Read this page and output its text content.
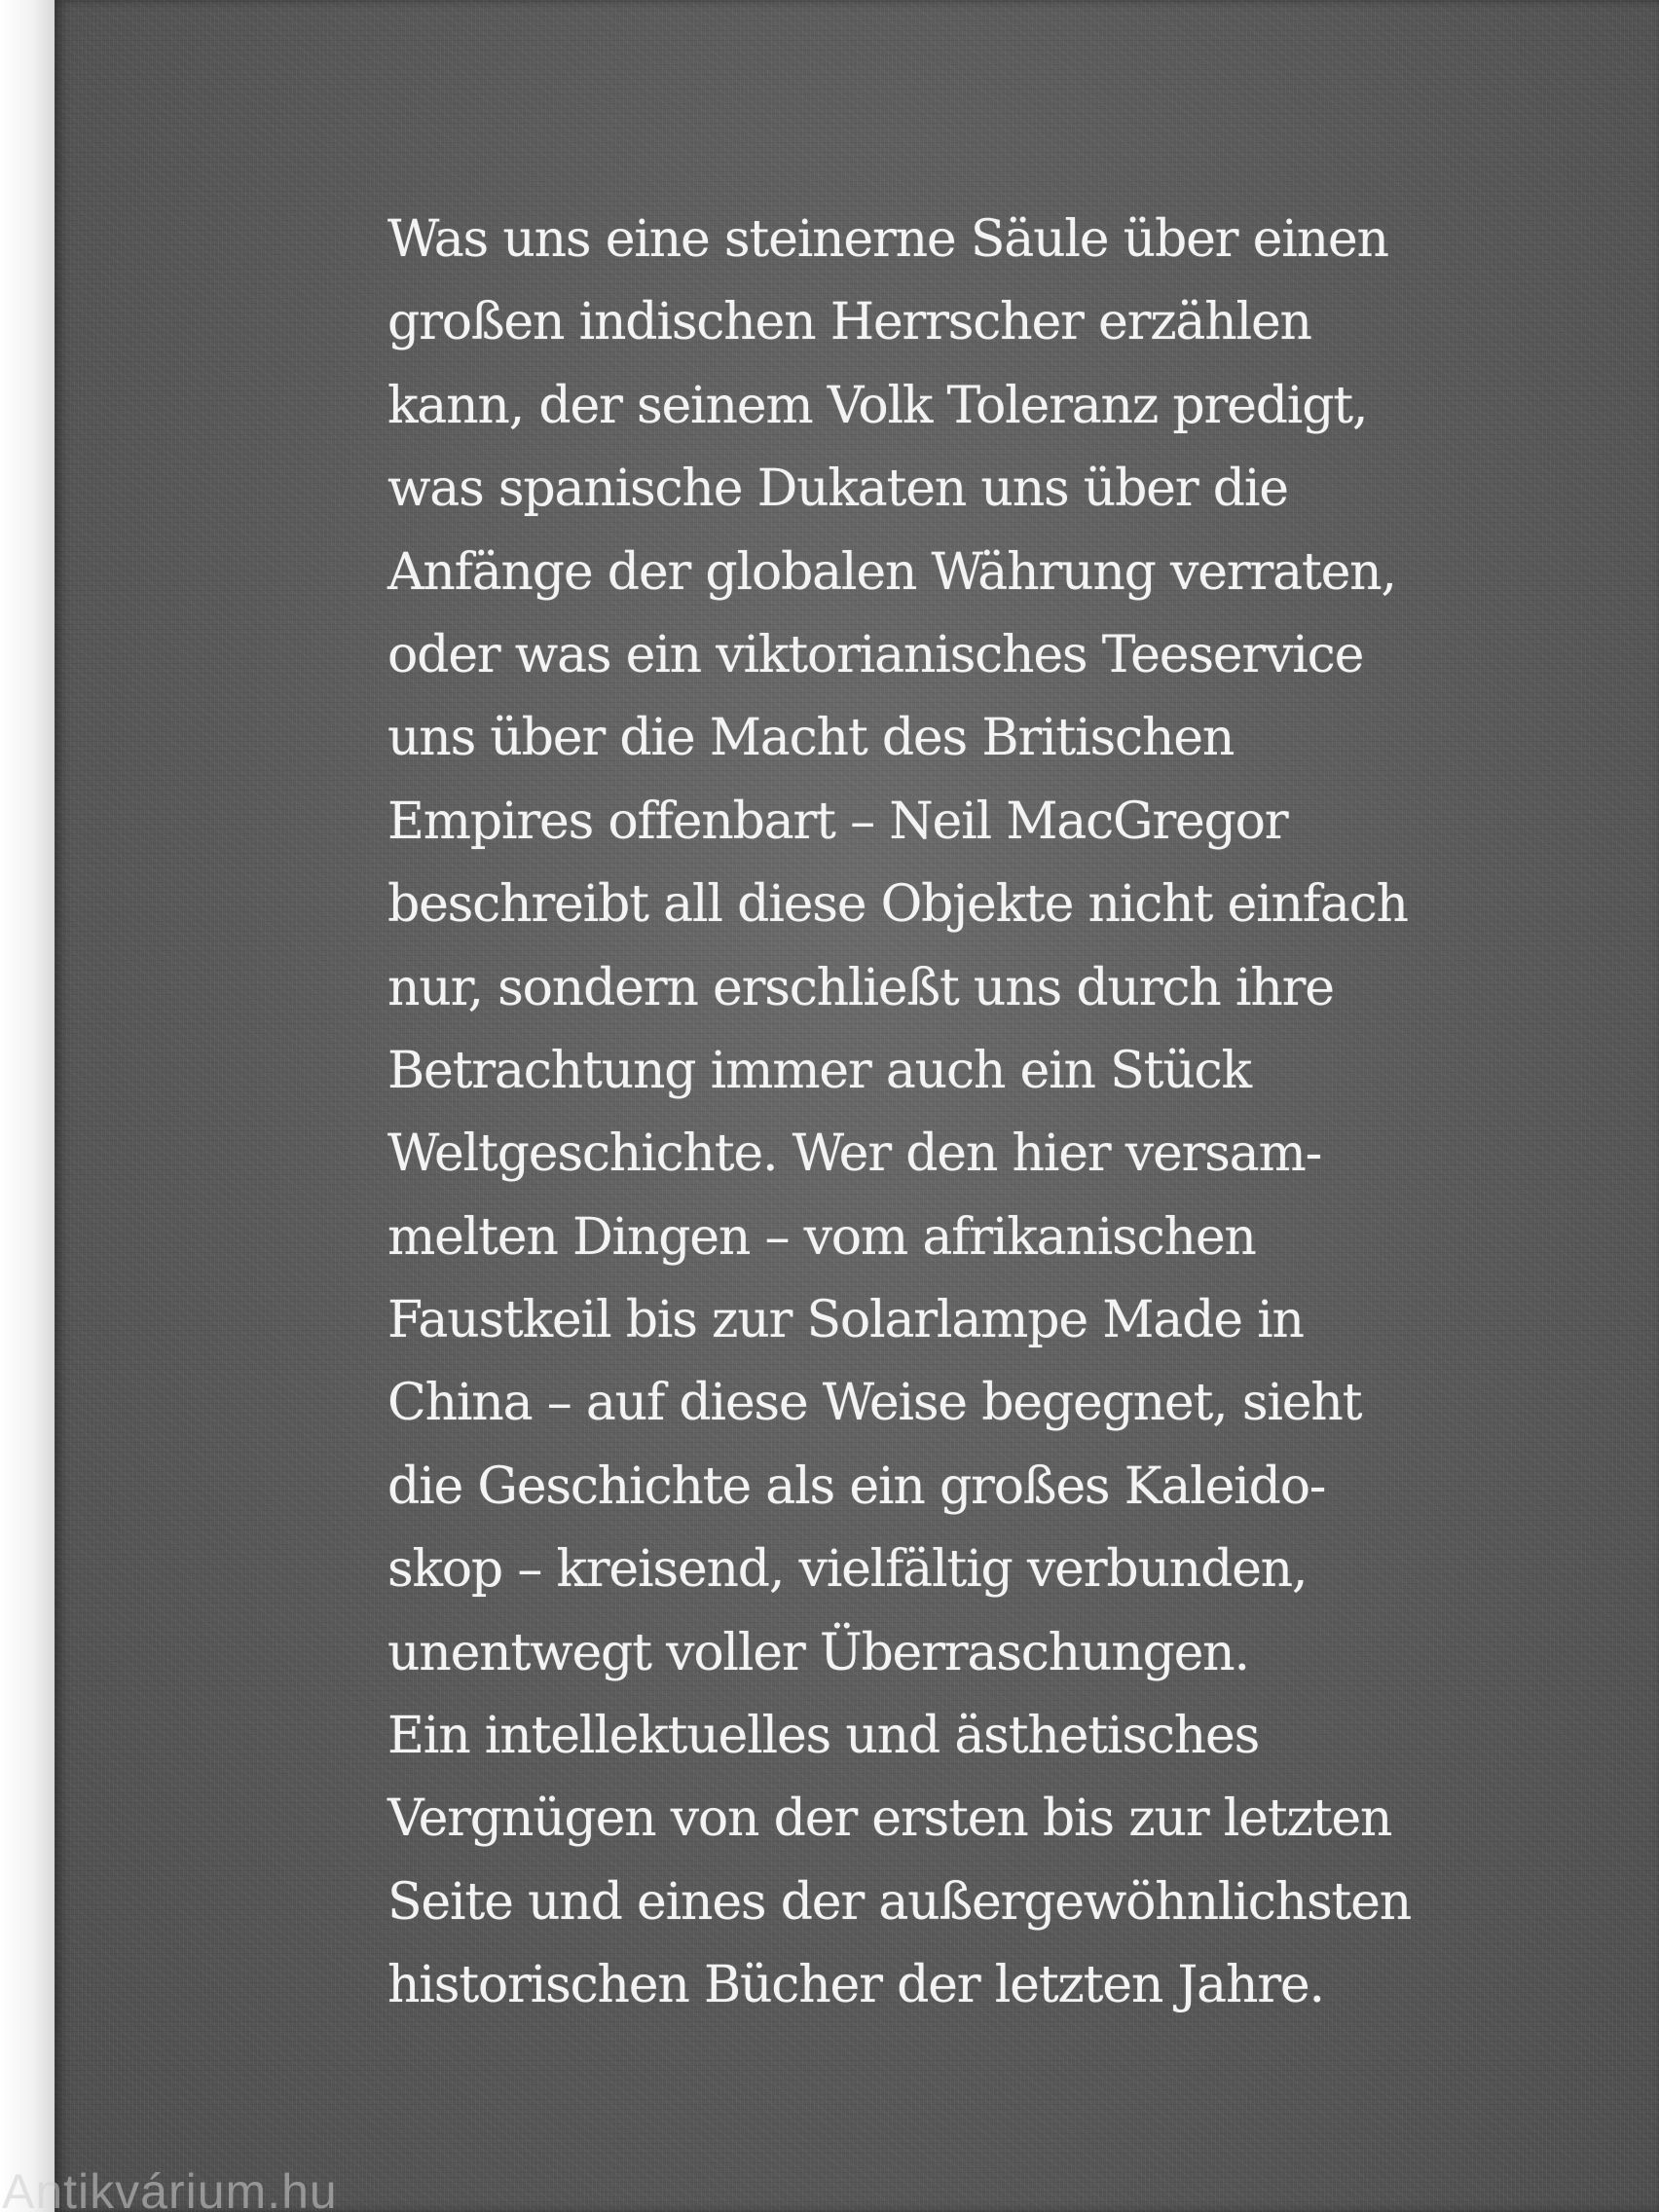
Was uns eine steinerne Säule über einen
großen indischen Herrscher erzählen
kann, der seinem Volk Toleranz predigt,
was spanische Dukaten uns über die
Anfänge der globalen Währung verraten,
oder was ein viktorianisches Teeservice
uns über die Macht des Britischen
Empires offenbart – Neil MacGregor
beschreibt all diese Objekte nicht einfach
nur, sondern erschließt uns durch ihre
Betrachtung immer auch ein Stück
Weltgeschichte. Wer den hier versam-
melten Dingen – vom afrikanischen
Faustkeil bis zur Solarlampe Made in
China – auf diese Weise begegnet, sieht
die Geschichte als ein großes Kaleido-
skop – kreisend, vielfältig verbunden,
unentwegt voller Überraschungen.
Ein intellektuelles und ästhetisches
Vergnügen von der ersten bis zur letzten
Seite und eines der außergewöhnlichsten
historischen Bücher der letzten Jahre.
Antikvárium.hu
